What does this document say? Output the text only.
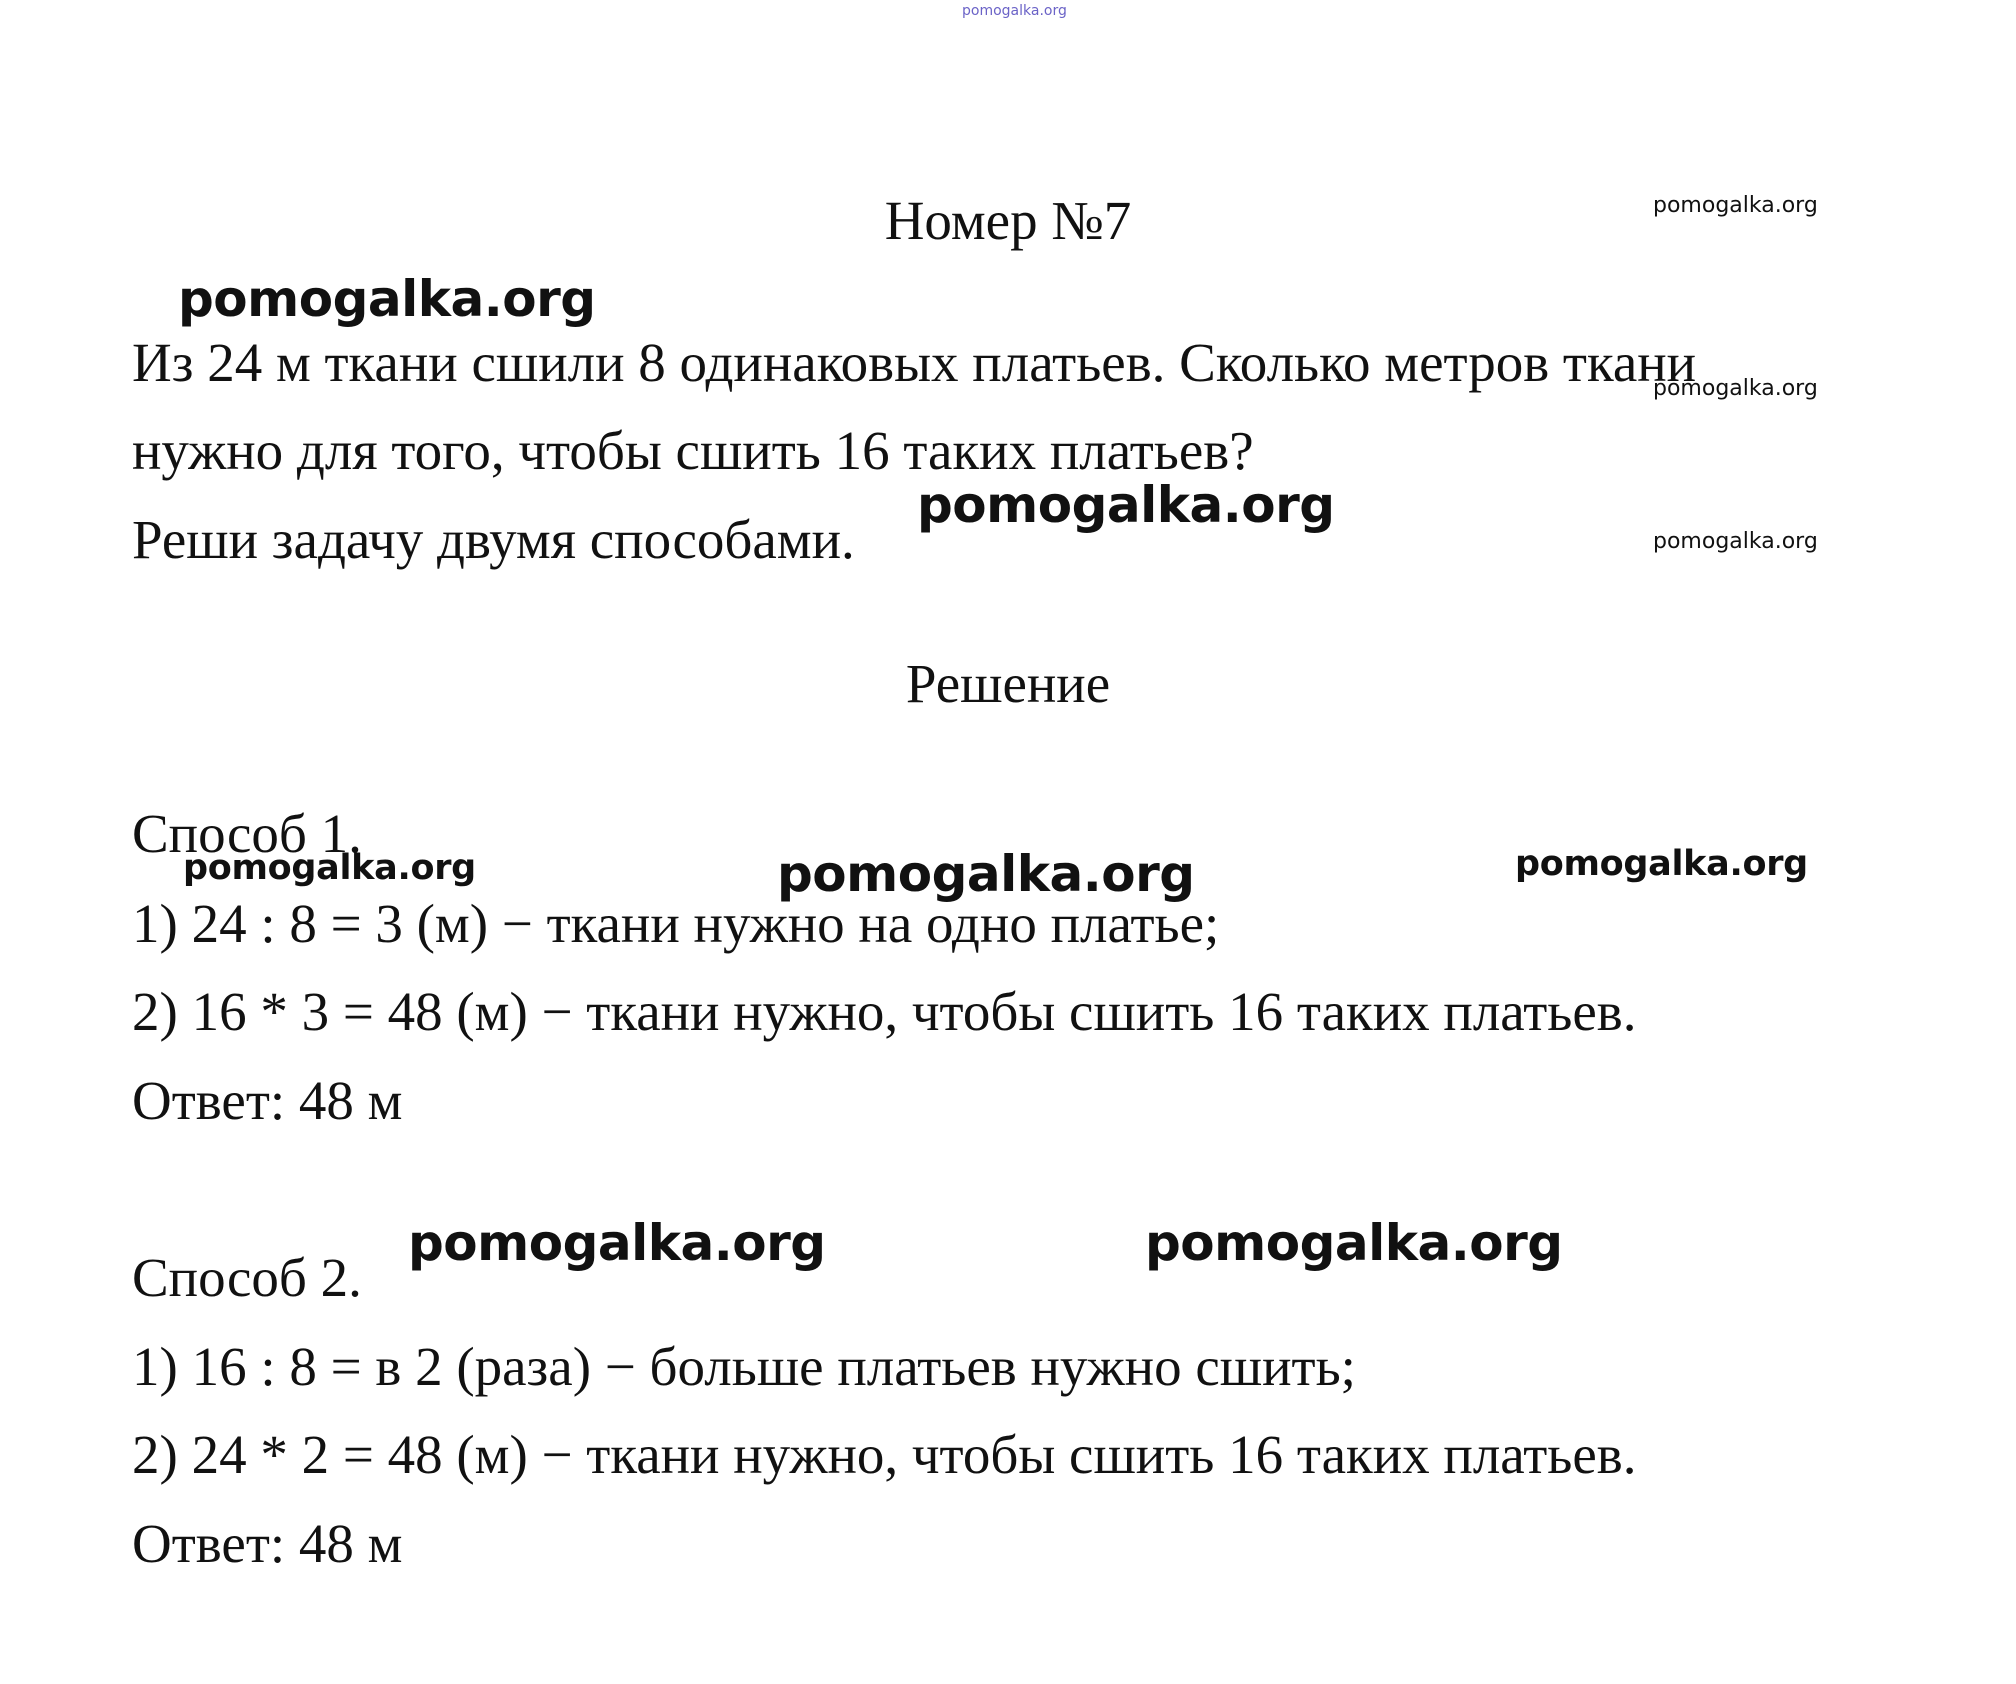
pomogalka.org
Номер №7	pomogalka.org
pomogalka.org
pomogalka.org
pomogalka.org
Из 24 м ткани сшили 8 одинаковых платьев. Сколько метров ткани
нужно для того, чтобы сшить 16 таких платьев?
Реши задачу двумя способами.
pomogalka.org
Решение
Способ 1.
pomogalka.org	pomogalka.org	pomogalka.org
1) 24 : 8 = 3 (м) − ткани нужно на одно платье;
2) 16 * 3 = 48 (м) − ткани нужно, чтобы сшить 16 таких платьев.
Ответ: 48 м
pomogalka.org	pomogalka.org
Способ 2.
1) 16 : 8 = в 2 (раза) − больше платьев нужно сшить;
2) 24 * 2 = 48 (м) − ткани нужно, чтобы сшить 16 таких платьев.
Ответ: 48 м
